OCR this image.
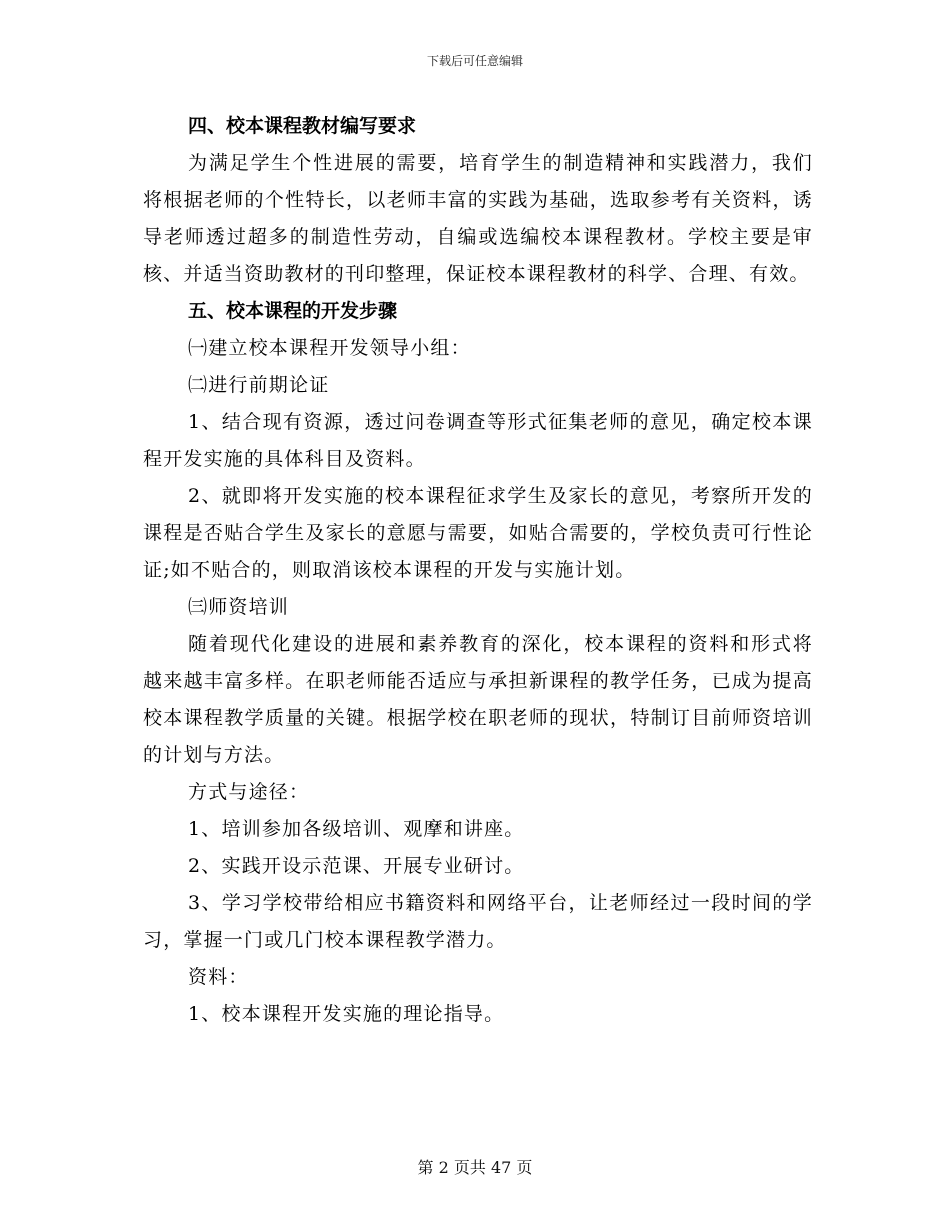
下载后可任意编辑
四、校本课程教材编写要求

为满足学生个性进展的需要，培育学生的制造精神和实践潜力，我们将根据老师的个性特长，以老师丰富的实践为基础，选取参考有关资料，诱导老师透过超多的制造性劳动，自编或选编校本课程教材。学校主要是审核、并适当资助教材的刊印整理，保证校本课程教材的科学、合理、有效。

五、校本课程的开发步骤
㈠建立校本课程开发领导小组：
㈡进行前期论证

1、结合现有资源，透过问卷调查等形式征集老师的意见，确定校本课程开发实施的具体科目及资料。

2、就即将开发实施的校本课程征求学生及家长的意见，考察所开发的课程是否贴合学生及家长的意愿与需要，如贴合需要的，学校负责可行性论证;如不贴合的，则取消该校本课程的开发与实施计划。

㈢师资培训

随着现代化建设的进展和素养教育的深化，校本课程的资料和形式将越来越丰富多样。在职老师能否适应与承担新课程的教学任务，已成为提高校本课程教学质量的关键。根据学校在职老师的现状，特制订目前师资培训的计划与方法。

方式与途径：
1、培训参加各级培训、观摩和讲座。
2、实践开设示范课、开展专业研讨。

3、学习学校带给相应书籍资料和网络平台，让老师经过一段时间的学习，掌握一门或几门校本课程教学潜力。

资料：
1、校本课程开发实施的理论指导。
第 2 页共 47 页
